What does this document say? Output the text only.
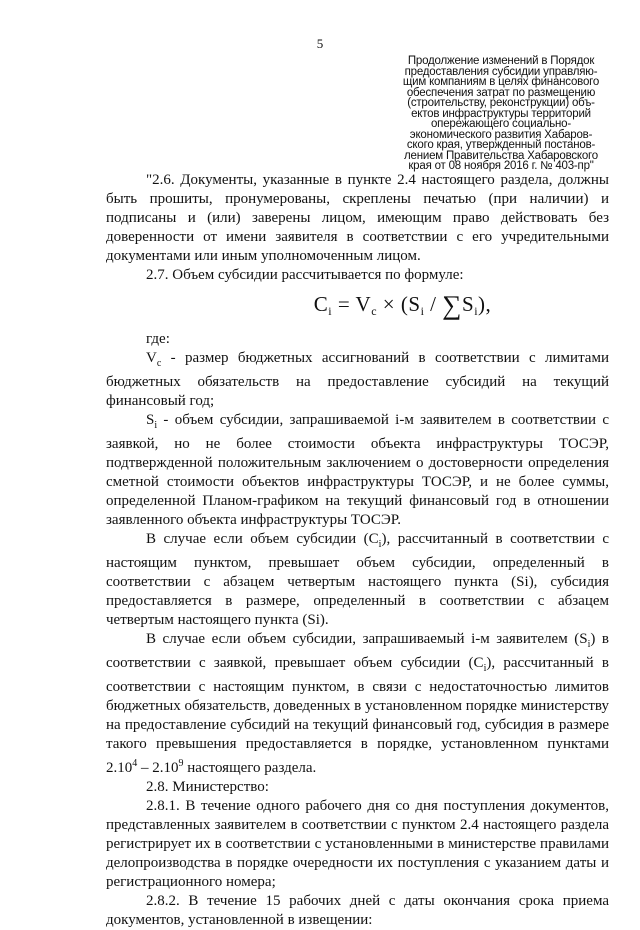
5
Продолжение изменений в Порядок
предоставления субсидии управляю-
щим компаниям в целях финансового
обеспечения затрат по размещению
(строительству, реконструкции) объ-
ектов инфраструктуры территорий
опережающего социально-
экономического развития Хабаров-
ского края, утвержденный постанов-
лением Правительства Хабаровского
края от 08 ноября 2016 г. № 403-пр"

"2.6. Документы, указанные в пункте 2.4 настоящего раздела, должны быть прошиты, пронумерованы, скреплены печатью (при наличии) и подписаны и (или) заверены лицом, имеющим право действовать без доверенности от имени заявителя в соответствии с его учредительными документами или иным уполномоченным лицом.

2.7. Объем субсидии рассчитывается по формуле:

$C_i = V_c \times (S_i / \sum S_i)$,

где:

$V_c$ - размер бюджетных ассигнований в соответствии с лимитами бюджетных обязательств на предоставление субсидий на текущий финансовый год;

$S_i$ - объем субсидии, запрашиваемой i-м заявителем в соответствии с заявкой, но не более стоимости объекта инфраструктуры ТОСЭР, подтвержденной положительным заключением о достоверности определения сметной стоимости объектов инфраструктуры ТОСЭР, и не более суммы, определенной Планом-графиком на текущий финансовый год в отношении заявленного объекта инфраструктуры ТОСЭР.

В случае если объем субсидии $(C_i)$, рассчитанный в соответствии с настоящим пунктом, превышает объем субсидии, определенный в соответствии с абзацем четвертым настоящего пункта (Si), субсидия предоставляется в размере, определенный в соответствии с абзацем четвертым настоящего пункта (Si).

В случае если объем субсидии, запрашиваемый i-м заявителем $(S_i)$ в соответствии с заявкой, превышает объем субсидии $(C_i)$, рассчитанный в соответствии с настоящим пунктом, в связи с недостаточностью лимитов бюджетных обязательств, доведенных в установленном порядке министерству на предоставление субсидий на текущий финансовый год, субсидия в размере такого превышения предоставляется в порядке, установленном пунктами 2.10$^4$ – 2.10$^9$ настоящего раздела.

2.8. Министерство:

2.8.1. В течение одного рабочего дня со дня поступления документов, представленных заявителем в соответствии с пунктом 2.4 настоящего раздела регистрирует их в соответствии с установленными в министерстве правилами делопроизводства в порядке очередности их поступления с указанием даты и регистрационного номера;

2.8.2. В течение 15 рабочих дней с даты окончания срока приема документов, установленной в извещении:
